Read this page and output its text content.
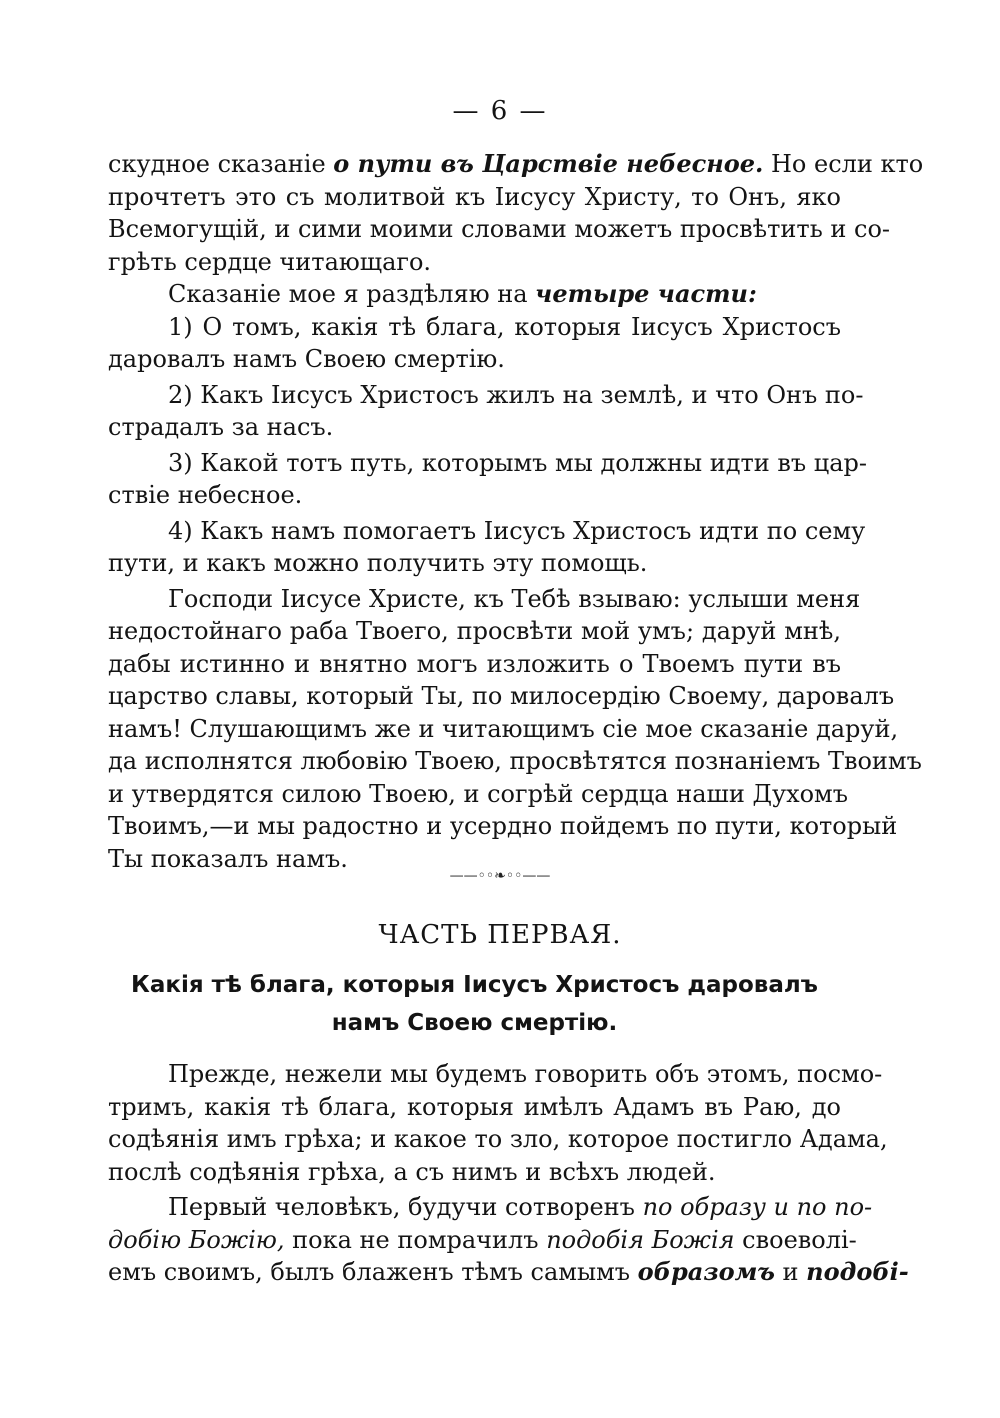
— 6 —
скудное сказаніе о пути въ Царствіе небесное. Но если кто
прочтетъ это съ молитвой къ Іисусу Христу, то Онъ, яко
Всемогущій, и сими моими словами можетъ просвѣтить и со-
грѣть сердце читающаго.
Сказаніе мое я раздѣляю на четыре части:
1) О томъ, какія тѣ блага, которыя Іисусъ Христосъ
даровалъ намъ Своею смертію.
2) Какъ Іисусъ Христосъ жилъ на землѣ, и что Онъ по-
страдалъ за насъ.
3) Какой тотъ путь, которымъ мы должны идти въ цар-
ствіе небесное.
4) Какъ намъ помогаетъ Іисусъ Христосъ идти по сему
пути, и какъ можно получить эту помощь.
Господи Іисусе Христе, къ Тебѣ взываю: услыши меня
недостойнаго раба Твоего, просвѣти мой умъ; даруй мнѣ,
дабы истинно и внятно могъ изложить о Твоемъ пути въ
царство славы, который Ты, по милосердію Своему, даровалъ
намъ! Слушающимъ же и читающимъ сіе мое сказаніе даруй,
да исполнятся любовію Твоею, просвѣтятся познаніемъ Твоимъ
и утвердятся силою Твоею, и согрѣй сердца наши Духомъ
Твоимъ,—и мы радостно и усердно пойдемъ по пути, который
Ты показалъ намъ.
——◦◦❧◦◦——
ЧАСТЬ ПЕРВАЯ.
Какія тѣ блага, которыя Іисусъ Христосъ даровалъ
намъ Своею смертію.
Прежде, нежели мы будемъ говорить объ этомъ, посмо-
тримъ, какія тѣ блага, которыя имѣлъ Адамъ въ Раю, до
содѣянія имъ грѣха; и какое то зло, которое постигло Адама,
послѣ содѣянія грѣха, а съ нимъ и всѣхъ людей.
Первый человѣкъ, будучи сотворенъ по образу и по по-
добію Божію, пока не помрачилъ подобія Божія своеволі-
емъ своимъ, былъ блаженъ тѣмъ самымъ образомъ и подобі-
